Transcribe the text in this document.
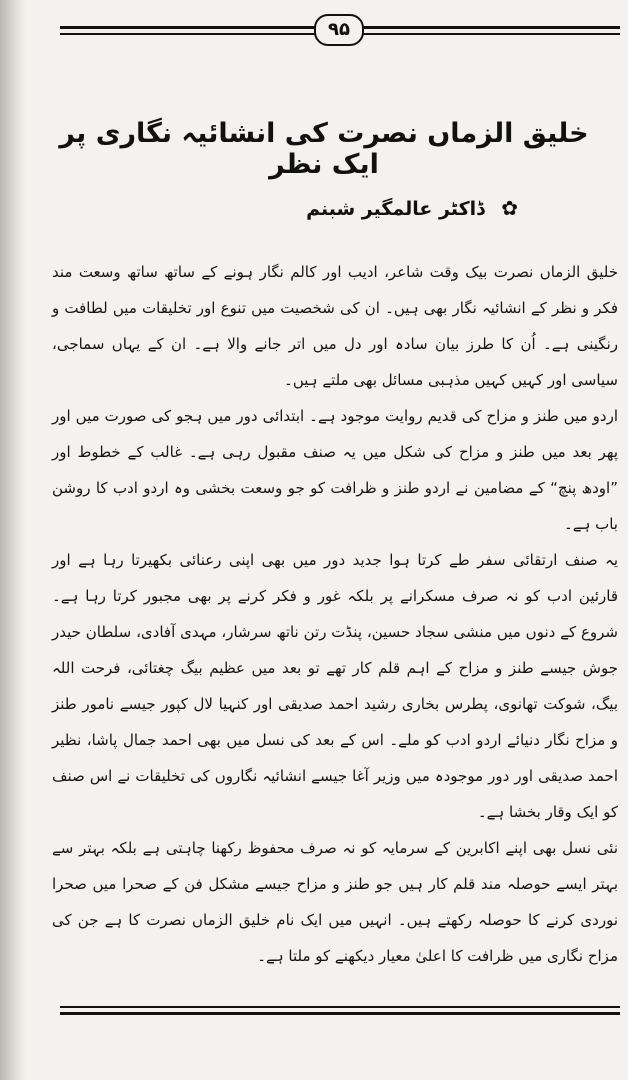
۹۵
خلیق الزماں نصرت کی انشائیہ نگاری پر ایک نظر
✿ ڈاکٹر عالمگیر شبنم

خلیق الزماں نصرت بیک وقت شاعر، ادیب اور کالم نگار ہونے کے ساتھ ساتھ وسعت مند فکر و نظر کے انشائیہ نگار بھی ہیں۔ ان کی شخصیت میں تنوع اور تخلیقات میں لطافت و رنگینی ہے۔ اُن کا طرز بیان سادہ اور دل میں اتر جانے والا ہے۔ ان کے یہاں سماجی، سیاسی اور کہیں کہیں مذہبی مسائل بھی ملتے ہیں۔

اردو میں طنز و مزاح کی قدیم روایت موجود ہے۔ ابتدائی دور میں ہجو کی صورت میں اور پھر بعد میں طنز و مزاح کی شکل میں یہ صنف مقبول رہی ہے۔ غالب کے خطوط اور ”اودھ پنچ“ کے مضامین نے اردو طنز و ظرافت کو جو وسعت بخشی وہ اردو ادب کا روشن باب ہے۔

یہ صنف ارتقائی سفر طے کرتا ہوا جدید دور میں بھی اپنی رعنائی بکھیرتا رہا ہے اور قارئین ادب کو نہ صرف مسکرانے پر بلکہ غور و فکر کرنے پر بھی مجبور کرتا رہا ہے۔ شروع کے دنوں میں منشی سجاد حسین، پنڈت رتن ناتھ سرشار، مہدی آفادی، سلطان حیدر جوش جیسے طنز و مزاح کے اہم قلم کار تھے تو بعد میں عظیم بیگ چغتائی، فرحت اللہ بیگ، شوکت تھانوی، پطرس بخاری رشید احمد صدیقی اور کنہیا لال کپور جیسے نامور طنز و مزاح نگار دنیائے اردو ادب کو ملے۔ اس کے بعد کی نسل میں بھی احمد جمال پاشا، نظیر احمد صدیقی اور دور موجودہ میں وزیر آغا جیسے انشائیہ نگاروں کی تخلیقات نے اس صنف کو ایک وقار بخشا ہے۔

نئی نسل بھی اپنے اکابرین کے سرمایہ کو نہ صرف محفوظ رکھنا چاہتی ہے بلکہ بہتر سے بہتر ایسے حوصلہ مند قلم کار ہیں جو طنز و مزاح جیسے مشکل فن کے صحرا میں صحرا نوردی کرنے کا حوصلہ رکھتے ہیں۔ انہیں میں ایک نام خلیق الزماں نصرت کا ہے جن کی مزاح نگاری میں ظرافت کا اعلیٰ معیار دیکھنے کو ملتا ہے۔
